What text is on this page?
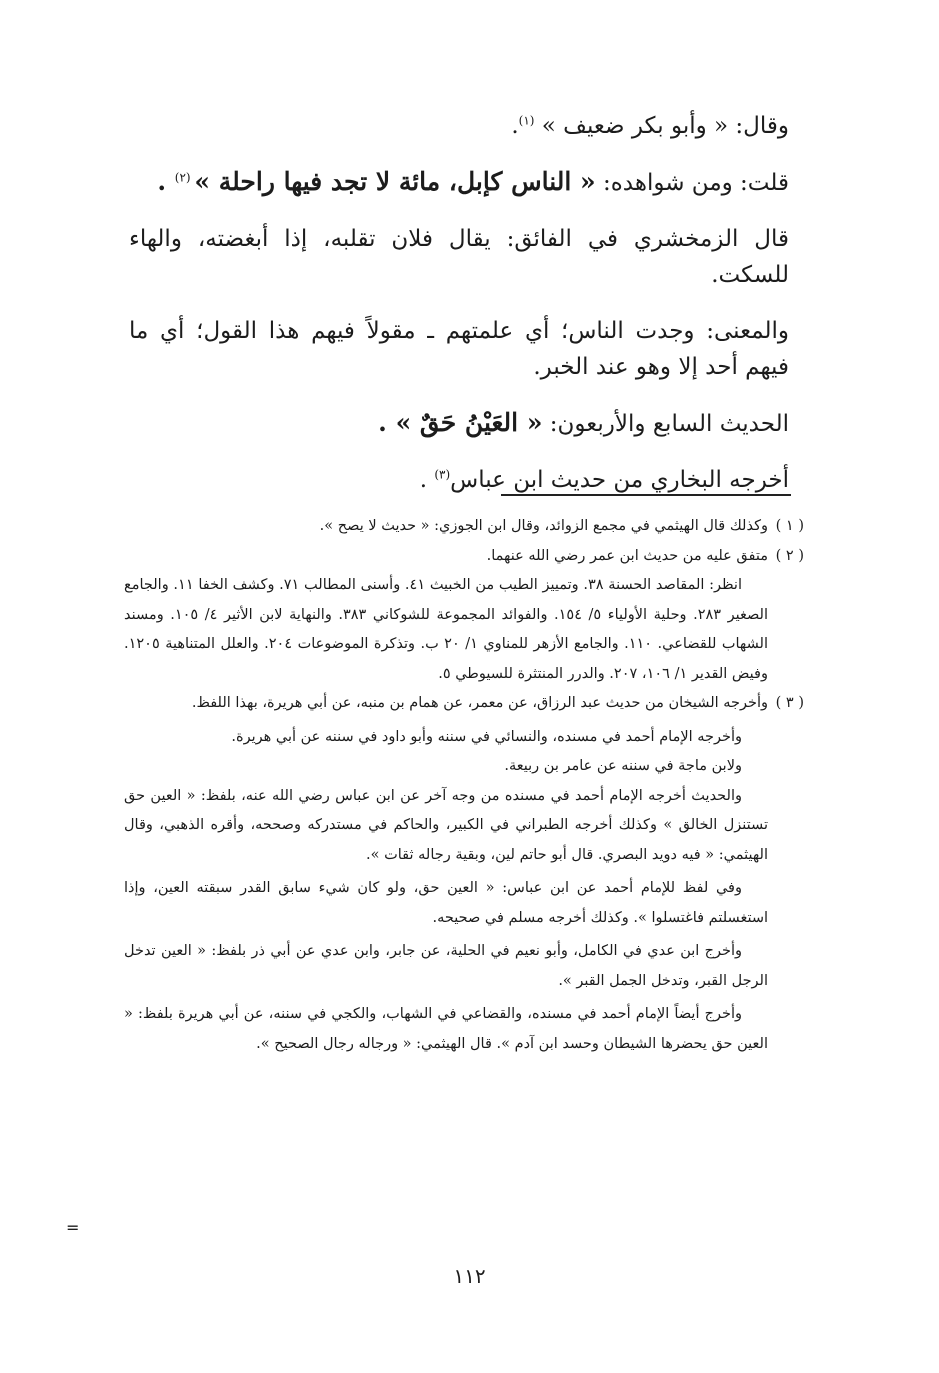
وقال: « وأبو بكر ضعيف » $^{(١)}$.

قلت: ومن شواهده: « الناس كإبل، مائة لا تجد فيها راحلة » $^{(٢)}$ .

قال الزمخشري في الفائق: يقال فلان تقلبه، إذا أبغضته، والهاء للسكت.

والمعنى: وجدت الناس؛ أي علمتهم ـ مقولاً فيهم هذا القول؛ أي ما فيهم أحد إلا وهو عند الخبر.

الحديث السابع والأربعون: « العَيْنُ حَقٌ » .

أخرجه البخاري من حديث ابن عباس$^{(٣)}$ .

( ١ )

وكذلك قال الهيثمي في مجمع الزوائد، وقال ابن الجوزي: « حديث لا يصح ».

( ٢ )

متفق عليه من حديث ابن عمر رضي الله عنهما.

انظر: المقاصد الحسنة ٣٨. وتمييز الطيب من الخبيث ٤١. وأسنى المطالب ٧١. وكشف الخفا ١١. والجامع الصغير ٢٨٣. وحلية الأولياء ٥/ ١٥٤. والفوائد المجموعة للشوكاني ٣٨٣. والنهاية لابن الأثير ٤/ ١٠٥. ومسند الشهاب للقضاعي. ١١٠. والجامع الأزهر للمناوي ١/ ٢٠ ب. وتذكرة الموضوعات ٢٠٤. والعلل المتناهية ١٢٠٥. وفيض القدير ١/ ١٠٦، ٢٠٧. والدرر المنتثرة للسيوطي ٥.

( ٣ )

وأخرجه الشيخان من حديث عبد الرزاق، عن معمر، عن همام بن منبه، عن أبي هريرة، بهذا اللفظ.

وأخرجه الإمام أحمد في مسنده، والنسائي في سننه وأبو داود في سننه عن أبي هريرة.

ولابن ماجة في سننه عن عامر بن ربيعة.

والحديث أخرجه الإمام أحمد في مسنده من وجه آخر عن ابن عباس رضي الله عنه، بلفظ: « العين حق تستنزل الخالق » وكذلك أخرجه الطبراني في الكبير، والحاكم في مستدركه وصححه، وأقره الذهبي، وقال الهيثمي: « فيه دويد البصري. قال أبو حاتم لين، وبقية رجاله ثقات ».

وفي لفظ للإمام أحمد عن ابن عباس: « العين حق، ولو كان شيء سابق القدر سبقته العين، وإذا استغسلتم فاغتسلوا ». وكذلك أخرجه مسلم في صحيحه.

وأخرج ابن عدي في الكامل، وأبو نعيم في الحلية، عن جابر، وابن عدي عن أبي ذر بلفظ: « العين تدخل الرجل القبر، وتدخل الجمل القبر ».

وأخرج أيضاً الإمام أحمد في مسنده، والقضاعي في الشهاب، والكجي في سننه، عن أبي هريرة بلفظ: « العين حق يحضرها الشيطان وحسد ابن آدم ». قال الهيثمي: « ورجاله رجال الصحيح ».

=
١١٢
